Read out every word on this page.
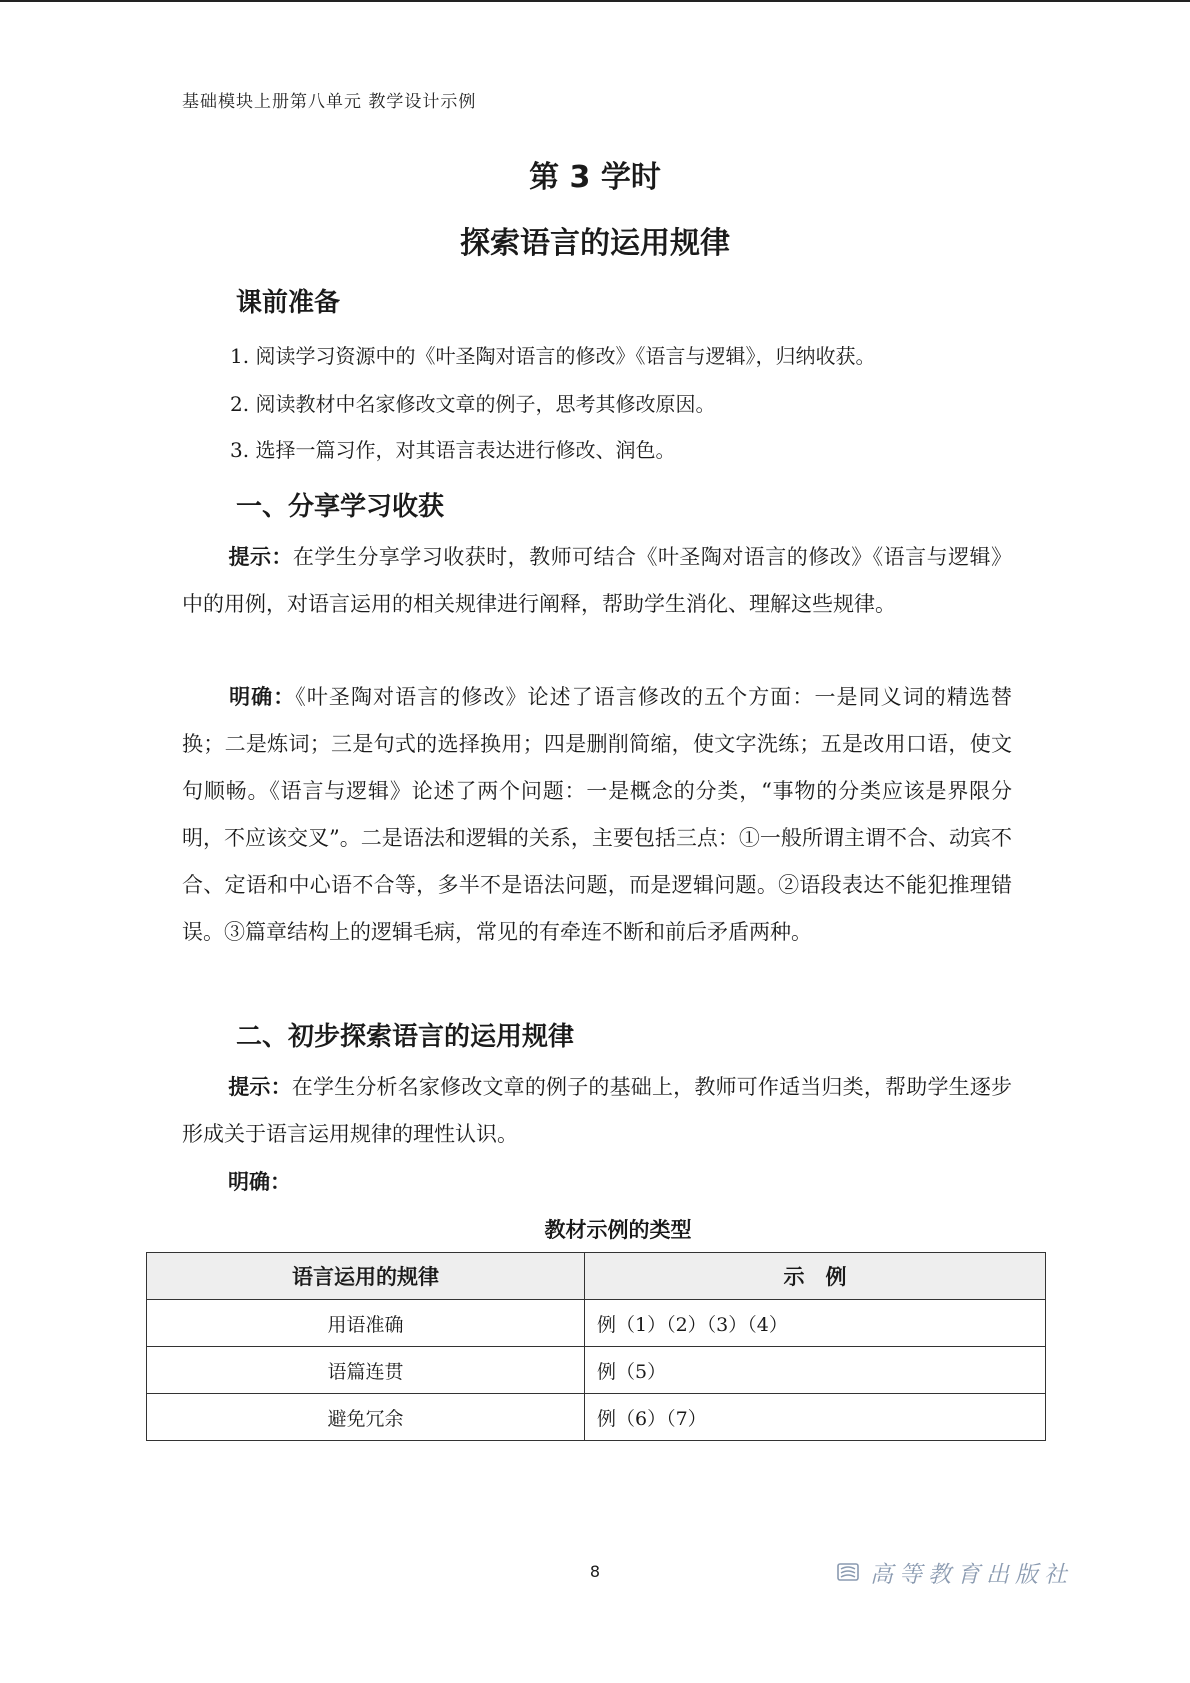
基础模块上册第八单元 教学设计示例
第 3 学时
探索语言的运用规律
课前准备
1. 阅读学习资源中的《叶圣陶对语言的修改》《语言与逻辑》，归纳收获。
2. 阅读教材中名家修改文章的例子，思考其修改原因。
3. 选择一篇习作，对其语言表达进行修改、润色。
一、分享学习收获
提示：在学生分享学习收获时，教师可结合《叶圣陶对语言的修改》《语言与逻辑》中的用例，对语言运用的相关规律进行阐释，帮助学生消化、理解这些规律。
明确：《叶圣陶对语言的修改》论述了语言修改的五个方面：一是同义词的精选替换；二是炼词；三是句式的选择换用；四是删削简缩，使文字洗练；五是改用口语，使文句顺畅。《语言与逻辑》论述了两个问题：一是概念的分类，“事物的分类应该是界限分明，不应该交叉”。二是语法和逻辑的关系，主要包括三点：①一般所谓主谓不合、动宾不合、定语和中心语不合等，多半不是语法问题，而是逻辑问题。②语段表达不能犯推理错误。③篇章结构上的逻辑毛病，常见的有牵连不断和前后矛盾两种。
二、初步探索语言的运用规律
提示：在学生分析名家修改文章的例子的基础上，教师可作适当归类，帮助学生逐步形成关于语言运用规律的理性认识。
明确：
教材示例的类型
语言运用的规律	示　例
用语准确	例（1）（2）（3）（4）
语篇连贯	例（5）
避免冗余	例（6）（7）
8	高等教育出版社
